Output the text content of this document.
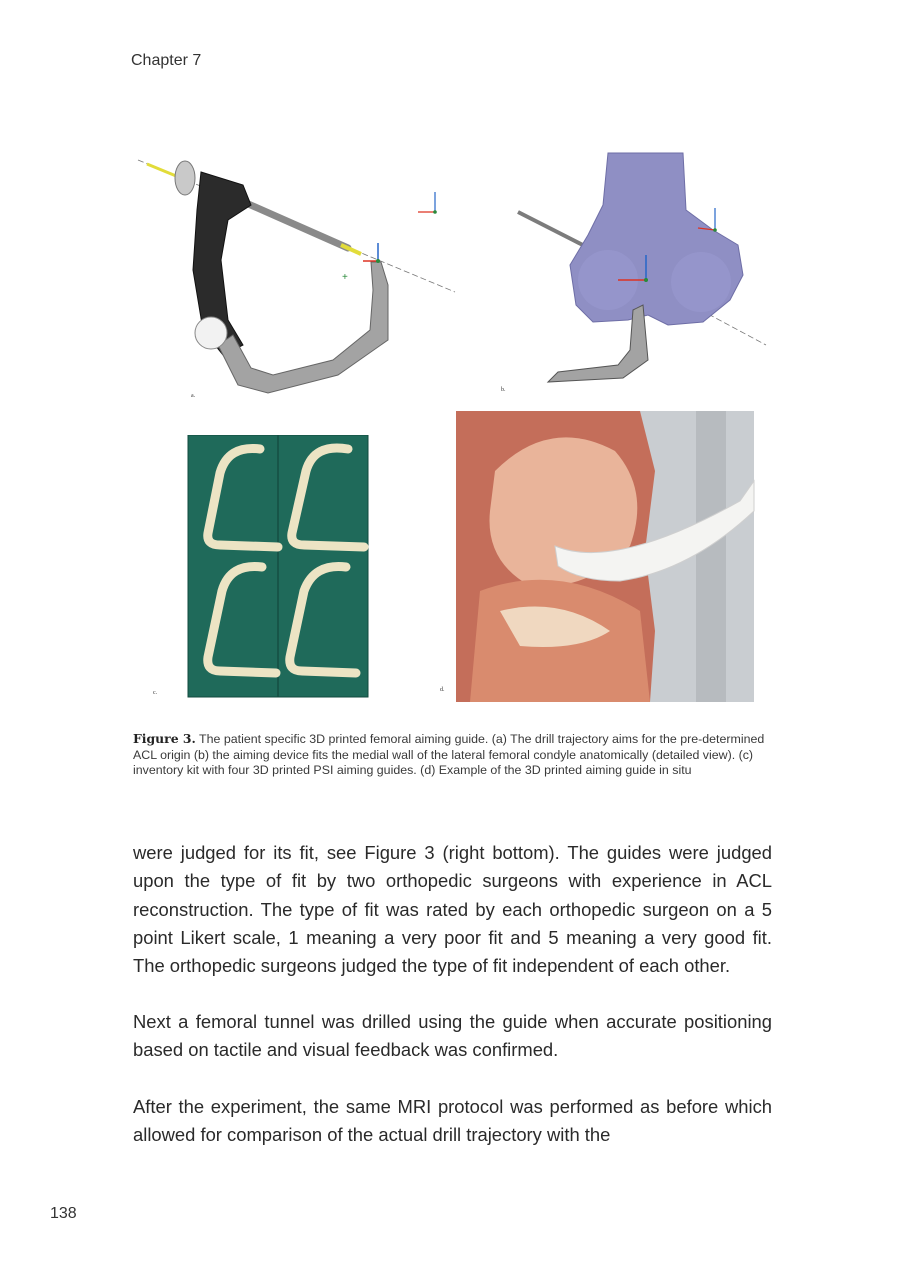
Chapter 7
+
a.
b.
c.	d.
Figure 3. The patient specific 3D printed femoral aiming guide. (a) The drill trajectory aims for the pre-determined ACL origin (b) the aiming device fits the medial wall of the lateral femoral condyle anatomically (detailed view). (c) inventory kit with four 3D printed PSI aiming guides. (d) Example of the 3D printed aiming guide in situ

were judged for its fit, see Figure 3 (right bottom). The guides were judged upon the type of fit by two orthopedic surgeons with experience in ACL reconstruction. The type of fit was rated by each orthopedic surgeon on a 5 point Likert scale, 1 meaning a very poor fit and 5 meaning a very good fit. The orthopedic surgeons judged the type of fit independent of each other.

Next a femoral tunnel was drilled using the guide when accurate positioning based on tactile and visual feedback was confirmed.

After the experiment, the same MRI protocol was performed as before which allowed for comparison of the actual drill trajectory with the

138
